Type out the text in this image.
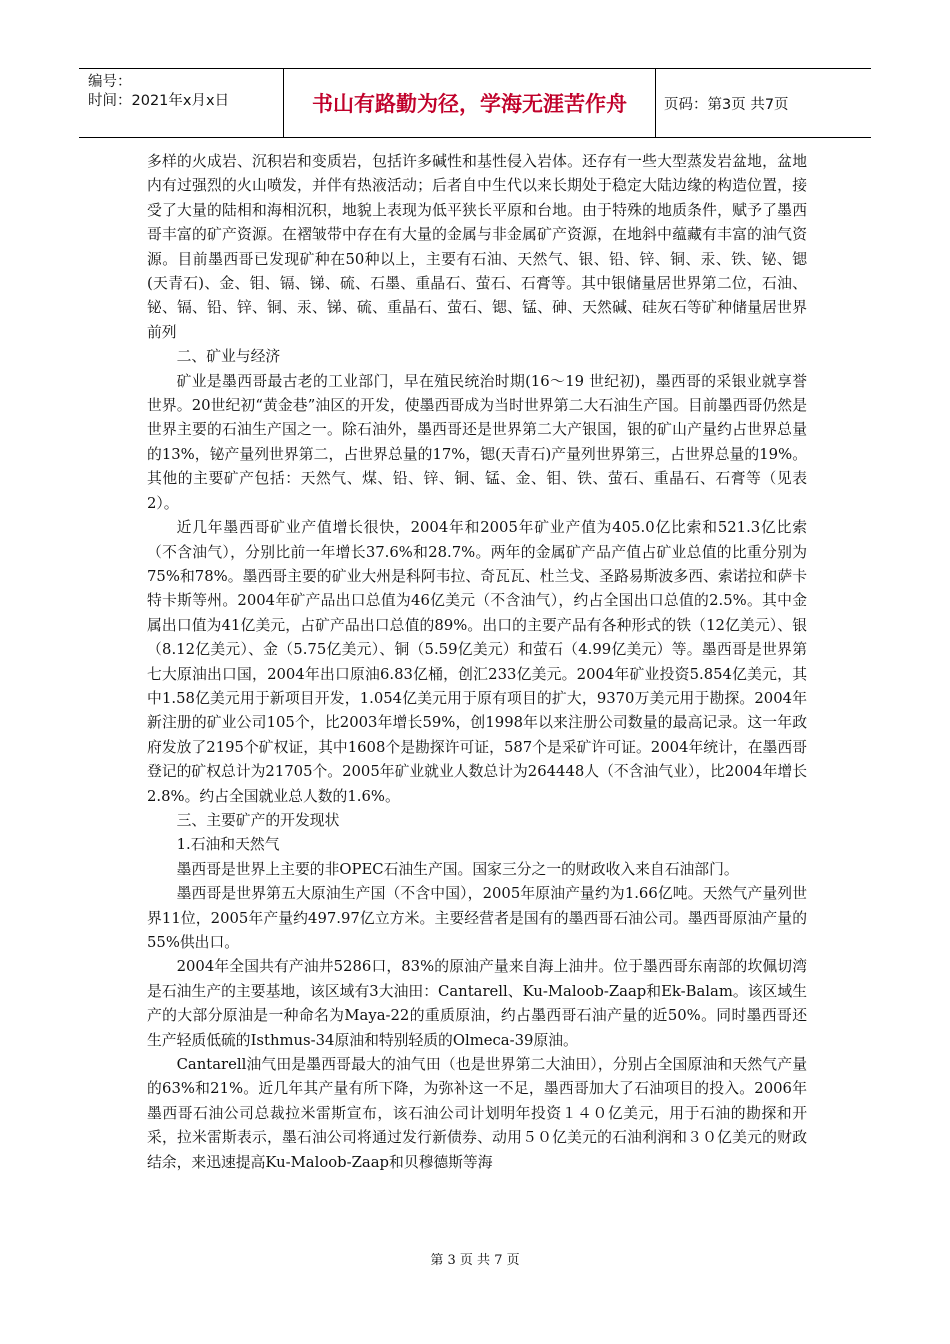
编号：
时间：2021年x月x日	书山有路勤为径，学海无涯苦作舟	页码：第3页 共7页

多样的火成岩、沉积岩和变质岩，包括许多碱性和基性侵入岩体。还存有一些大型蒸发岩盆地，盆地内有过强烈的火山喷发，并伴有热液活动；后者自中生代以来长期处于稳定大陆边缘的构造位置，接受了大量的陆相和海相沉积，地貌上表现为低平狭长平原和台地。由于特殊的地质条件，赋予了墨西哥丰富的矿产资源。在褶皱带中存在有大量的金属与非金属矿产资源，在地斜中蕴藏有丰富的油气资源。目前墨西哥已发现矿种在50种以上，主要有石油、天然气、银、铅、锌、铜、汞、铁、铋、锶(天青石)、金、钼、镉、锑、硫、石墨、重晶石、萤石、石膏等。其中银储量居世界第二位，石油、铋、镉、铅、锌、铜、汞、锑、硫、重晶石、萤石、锶、锰、砷、天然碱、硅灰石等矿种储量居世界前列

二、矿业与经济

矿业是墨西哥最古老的工业部门，早在殖民统治时期(16～19 世纪初)，墨西哥的采银业就享誉世界。20世纪初“黄金巷”油区的开发，使墨西哥成为当时世界第二大石油生产国。目前墨西哥仍然是世界主要的石油生产国之一。除石油外，墨西哥还是世界第二大产银国，银的矿山产量约占世界总量的13%，铋产量列世界第二，占世界总量的17%，锶(天青石)产量列世界第三，占世界总量的19%。其他的主要矿产包括：天然气、煤、铅、锌、铜、锰、金、钼、铁、萤石、重晶石、石膏等（见表2）。

近几年墨西哥矿业产值增长很快，2004年和2005年矿业产值为405.0亿比索和521.3亿比索（不含油气），分别比前一年增长37.6%和28.7%。两年的金属矿产品产值占矿业总值的比重分别为75%和78%。墨西哥主要的矿业大州是科阿韦拉、奇瓦瓦、杜兰戈、圣路易斯波多西、索诺拉和萨卡特卡斯等州。2004年矿产品出口总值为46亿美元（不含油气），约占全国出口总值的2.5%。其中金属出口值为41亿美元，占矿产品出口总值的89%。出口的主要产品有各种形式的铁（12亿美元）、银（8.12亿美元）、金（5.75亿美元）、铜（5.59亿美元）和萤石（4.99亿美元）等。墨西哥是世界第七大原油出口国，2004年出口原油6.83亿桶，创汇233亿美元。2004年矿业投资5.854亿美元，其中1.58亿美元用于新项目开发，1.054亿美元用于原有项目的扩大，9370万美元用于勘探。2004年新注册的矿业公司105个，比2003年增长59%，创1998年以来注册公司数量的最高记录。这一年政府发放了2195个矿权证，其中1608个是勘探许可证，587个是采矿许可证。2004年统计，在墨西哥登记的矿权总计为21705个。2005年矿业就业人数总计为264448人（不含油气业），比2004年增长2.8%。约占全国就业总人数的1.6%。

三、主要矿产的开发现状

1.石油和天然气

墨西哥是世界上主要的非OPEC石油生产国。国家三分之一的财政收入来自石油部门。

墨西哥是世界第五大原油生产国（不含中国），2005年原油产量约为1.66亿吨。天然气产量列世界11位，2005年产量约497.97亿立方米。主要经营者是国有的墨西哥石油公司。墨西哥原油产量的55%供出口。

2004年全国共有产油井5286口，83%的原油产量来自海上油井。位于墨西哥东南部的坎佩切湾是石油生产的主要基地，该区域有3大油田：Cantarell、Ku-Maloob-Zaap和Ek-Balam。该区域生产的大部分原油是一种命名为Maya-22的重质原油，约占墨西哥石油产量的近50%。同时墨西哥还生产轻质低硫的Isthmus-34原油和特别轻质的Olmeca-39原油。

Cantarell油气田是墨西哥最大的油气田（也是世界第二大油田），分别占全国原油和天然气产量的63%和21%。近几年其产量有所下降，为弥补这一不足，墨西哥加大了石油项目的投入。2006年墨西哥石油公司总裁拉米雷斯宣布，该石油公司计划明年投资１４０亿美元，用于石油的勘探和开采，拉米雷斯表示，墨石油公司将通过发行新债券、动用５０亿美元的石油利润和３０亿美元的财政结余，来迅速提高Ku-Maloob-Zaap和贝穆德斯等海

第 3 页 共 7 页
